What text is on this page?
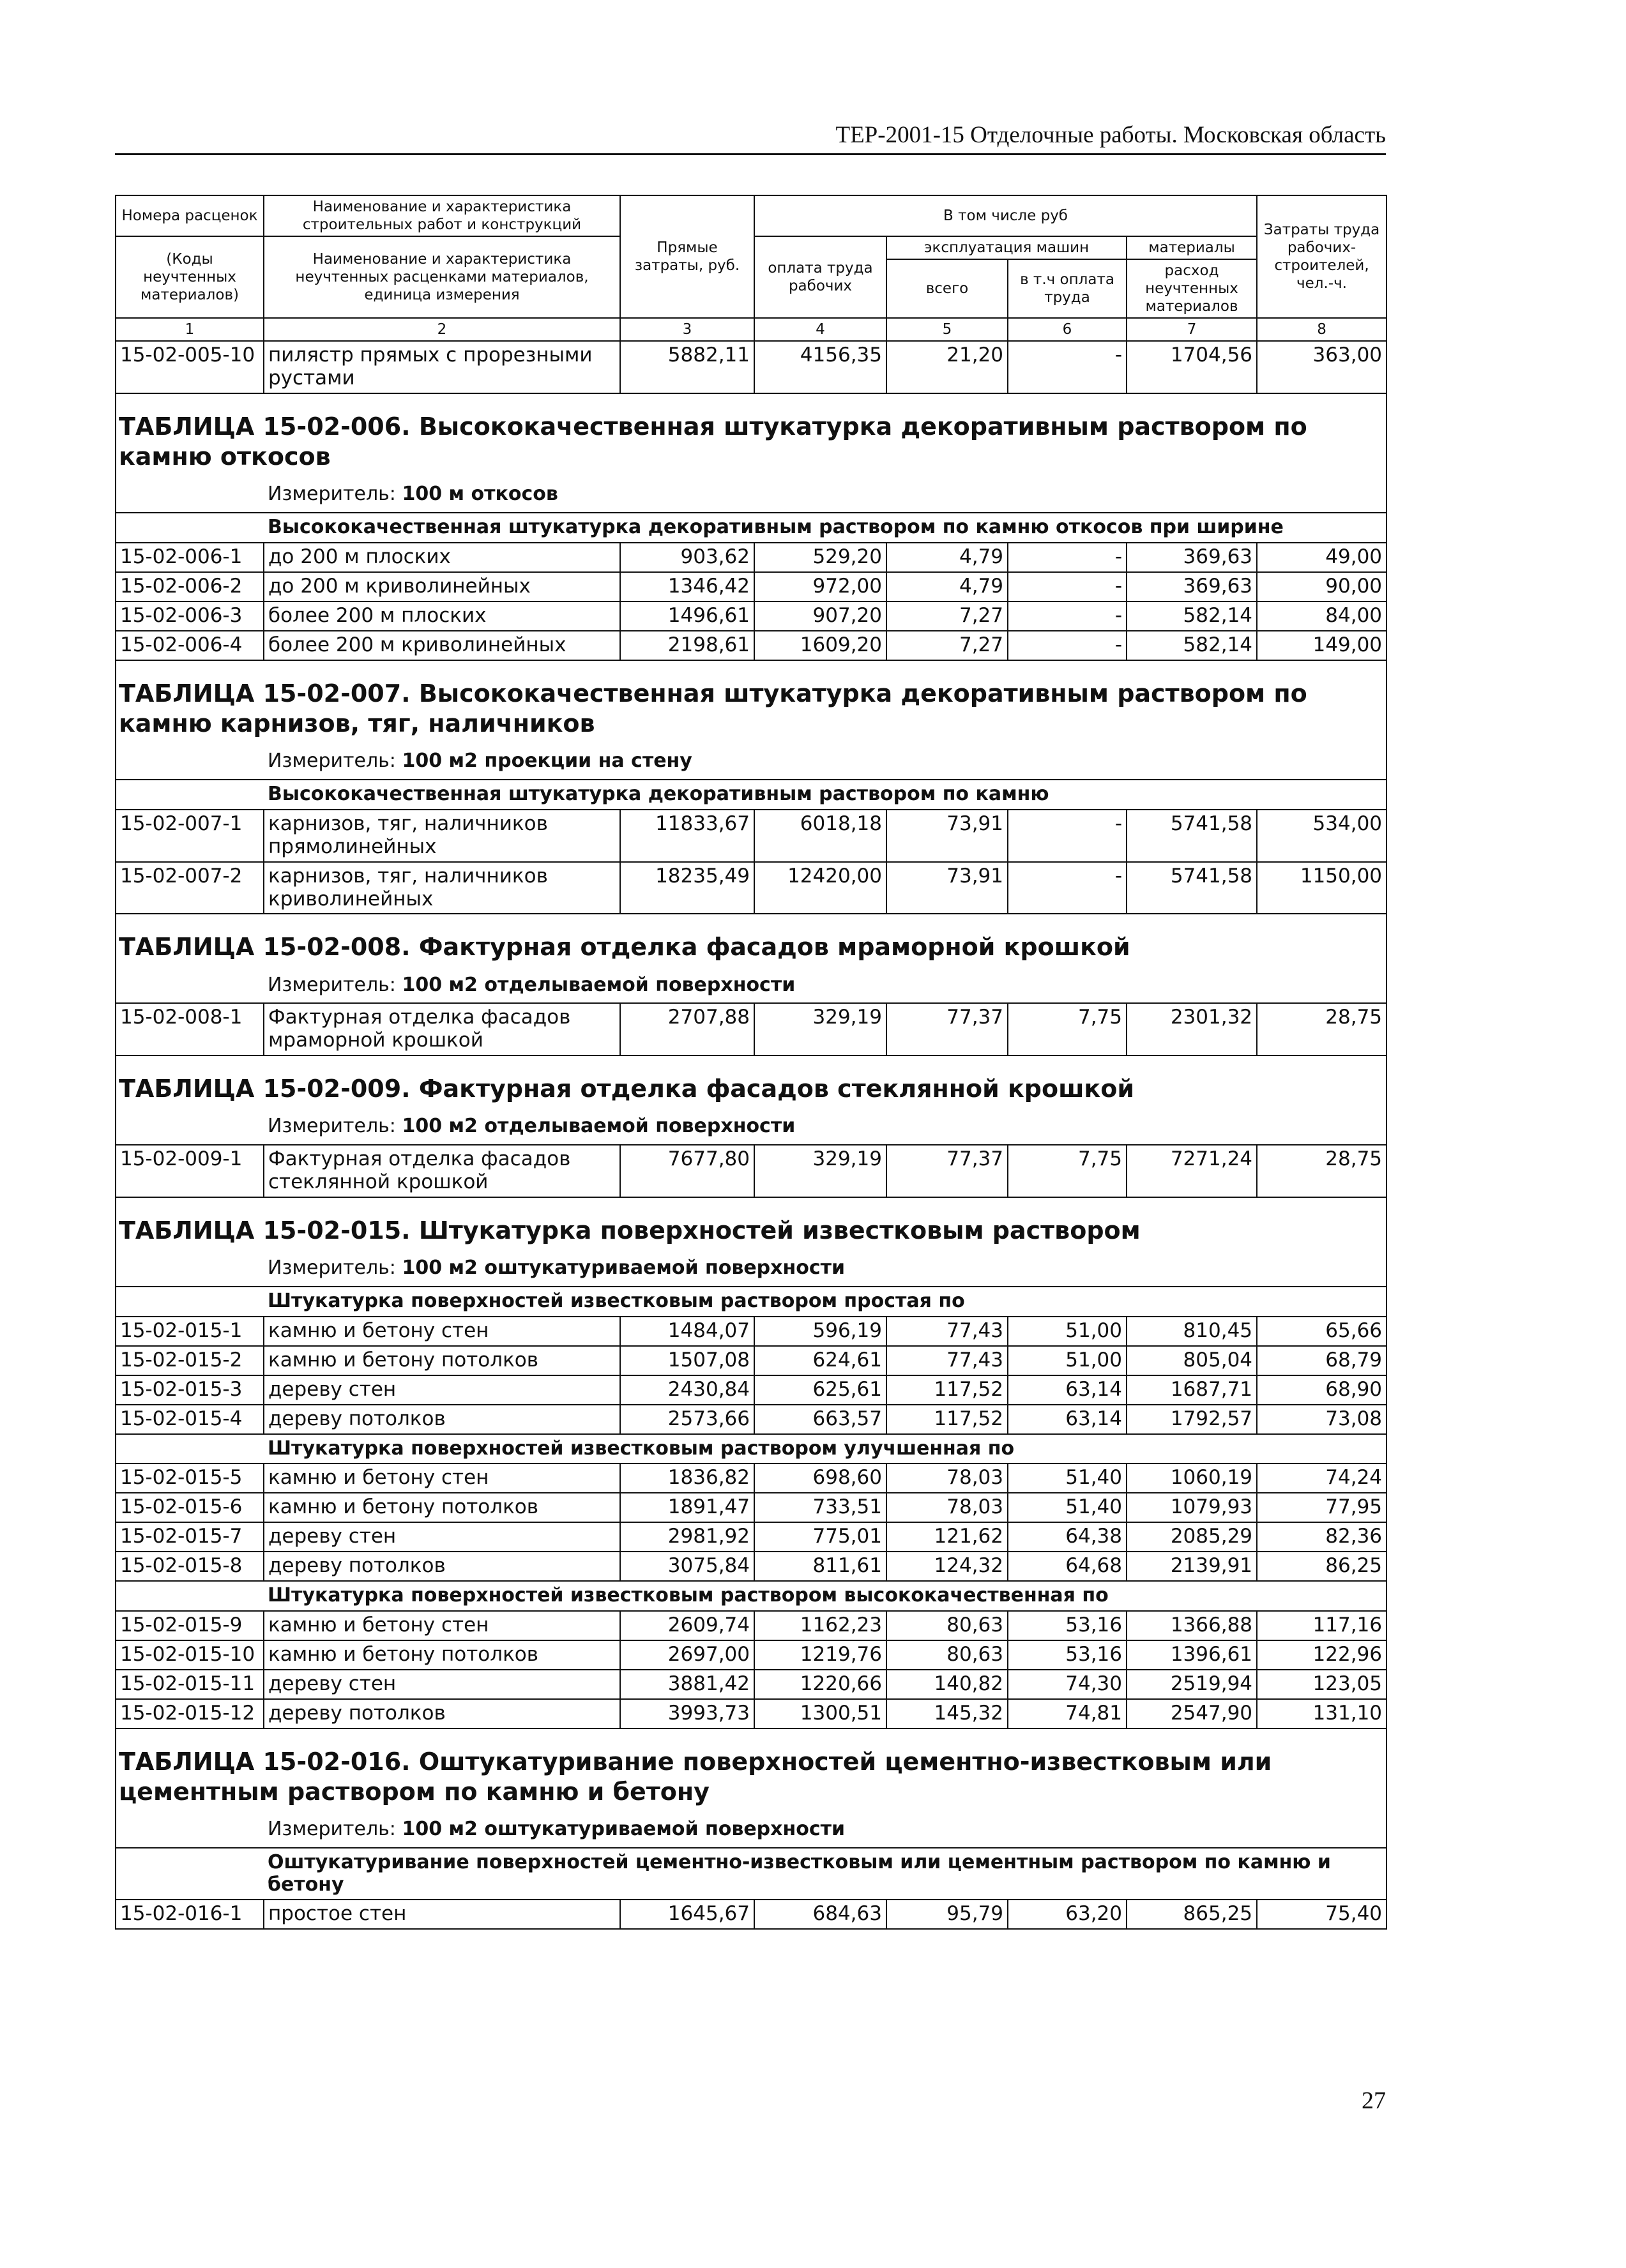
ТЕР-2001-15 Отделочные работы. Московская область
Номера расценок	Наименование и характеристика строительных работ и конструкций	Прямые затраты, руб.	В том числе руб				Затраты труда рабочих-строителей, чел.-ч.
(Коды неучтенных материалов)	Наименование и характеристика неучтенных расценками материалов, единица измерения		оплата труда рабочих	эксплуатация машин		материалы	
				всего	в т.ч оплата труда	расход неучтенных материалов	
1	2	3	4	5	6	7	8
15-02-005-10	пилястр прямых с прорезными рустами	5882,11	4156,35	21,20	-	1704,56	363,00
ТАБЛИЦА 15-02-006. Высококачественная штукатурка декоративным раствором по камню откосов							
	Измеритель: 100 м откосов						
	Высококачественная штукатурка декоративным раствором по камню откосов при ширине						
15-02-006-1	до 200 м плоских	903,62	529,20	4,79	-	369,63	49,00
15-02-006-2	до 200 м криволинейных	1346,42	972,00	4,79	-	369,63	90,00
15-02-006-3	более 200 м плоских	1496,61	907,20	7,27	-	582,14	84,00
15-02-006-4	более 200 м криволинейных	2198,61	1609,20	7,27	-	582,14	149,00
ТАБЛИЦА 15-02-007. Высококачественная штукатурка декоративным раствором по камню карнизов, тяг, наличников							
	Измеритель: 100 м2 проекции на стену						
	Высококачественная штукатурка декоративным раствором по камню						
15-02-007-1	карнизов, тяг, наличников прямолинейных	11833,67	6018,18	73,91	-	5741,58	534,00
15-02-007-2	карнизов, тяг, наличников криволинейных	18235,49	12420,00	73,91	-	5741,58	1150,00
ТАБЛИЦА 15-02-008. Фактурная отделка фасадов мраморной крошкой							
	Измеритель: 100 м2 отделываемой поверхности						
15-02-008-1	Фактурная отделка фасадов мраморной крошкой	2707,88	329,19	77,37	7,75	2301,32	28,75
ТАБЛИЦА 15-02-009. Фактурная отделка фасадов стеклянной крошкой							
	Измеритель: 100 м2 отделываемой поверхности						
15-02-009-1	Фактурная отделка фасадов стеклянной крошкой	7677,80	329,19	77,37	7,75	7271,24	28,75
ТАБЛИЦА 15-02-015. Штукатурка поверхностей известковым раствором							
	Измеритель: 100 м2 оштукатуриваемой поверхности						
	Штукатурка поверхностей известковым раствором простая по						
15-02-015-1	камню и бетону стен	1484,07	596,19	77,43	51,00	810,45	65,66
15-02-015-2	камню и бетону потолков	1507,08	624,61	77,43	51,00	805,04	68,79
15-02-015-3	дереву стен	2430,84	625,61	117,52	63,14	1687,71	68,90
15-02-015-4	дереву потолков	2573,66	663,57	117,52	63,14	1792,57	73,08
	Штукатурка поверхностей известковым раствором улучшенная по						
15-02-015-5	камню и бетону стен	1836,82	698,60	78,03	51,40	1060,19	74,24
15-02-015-6	камню и бетону потолков	1891,47	733,51	78,03	51,40	1079,93	77,95
15-02-015-7	дереву стен	2981,92	775,01	121,62	64,38	2085,29	82,36
15-02-015-8	дереву потолков	3075,84	811,61	124,32	64,68	2139,91	86,25
	Штукатурка поверхностей известковым раствором высококачественная по						
15-02-015-9	камню и бетону стен	2609,74	1162,23	80,63	53,16	1366,88	117,16
15-02-015-10	камню и бетону потолков	2697,00	1219,76	80,63	53,16	1396,61	122,96
15-02-015-11	дереву стен	3881,42	1220,66	140,82	74,30	2519,94	123,05
15-02-015-12	дереву потолков	3993,73	1300,51	145,32	74,81	2547,90	131,10
ТАБЛИЦА 15-02-016. Оштукатуривание поверхностей цементно-известковым или цементным раствором по камню и бетону							
	Измеритель: 100 м2 оштукатуриваемой поверхности						
	Оштукатуривание поверхностей цементно-известковым или цементным раствором по камню и бетону						
15-02-016-1	простое стен	1645,67	684,63	95,79	63,20	865,25	75,40
27
